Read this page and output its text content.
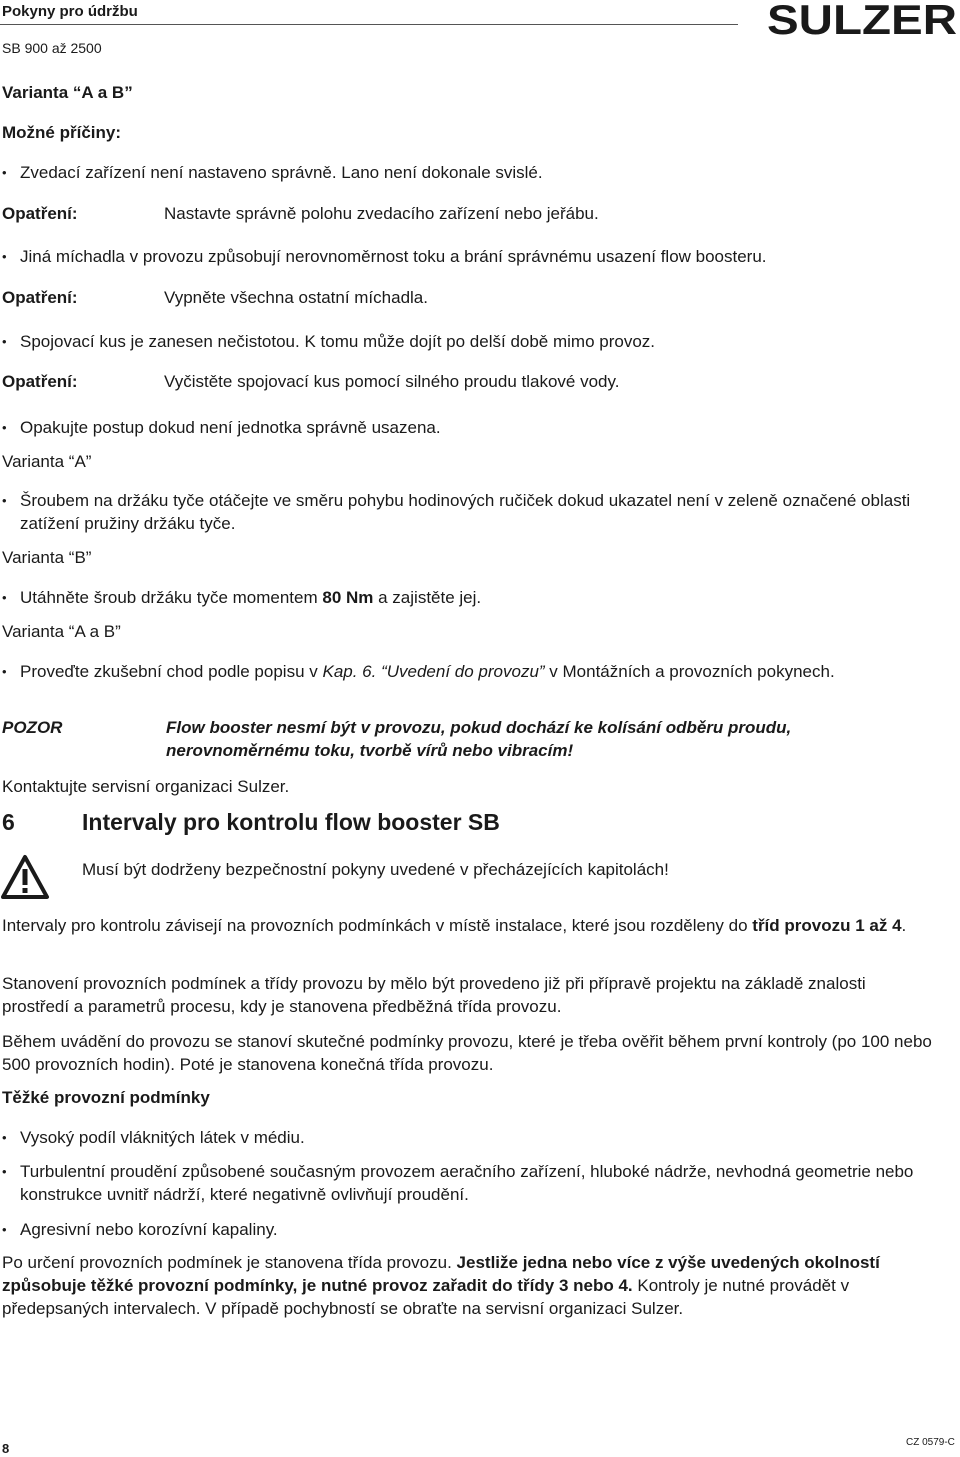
Pokyny pro údržbu
SB 900 až 2500
SULZER
Varianta “A a B”
Možné příčiny:
• Zvedací zařízení není nastaveno správně. Lano není dokonale svislé.
Opatření:	Nastavte správně polohu zvedacího zařízení nebo jeřábu.
• Jiná míchadla v provozu způsobují nerovnoměrnost toku a brání správnému usazení flow boosteru.
Opatření:	Vypněte všechna ostatní míchadla.
• Spojovací kus je zanesen nečistotou. K tomu může dojít po delší době mimo provoz.
Opatření:	Vyčistěte spojovací kus pomocí silného proudu tlakové vody.
• Opakujte postup dokud není jednotka správně usazena.
Varianta “A”
• Šroubem na držáku tyče otáčejte ve směru pohybu hodinových ručiček dokud ukazatel není v zeleně označené oblasti zatížení pružiny držáku tyče.
Varianta “B”
• Utáhněte šroub držáku tyče momentem 80 Nm a zajistěte jej.
Varianta “A a B”
• Proveďte zkušební chod podle popisu v Kap. 6. “Uvedení do provozu” v Montážních a provozních pokynech.
POZOR	Flow booster nesmí být v provozu, pokud dochází ke kolísání odběru proudu, nerovnoměrnému toku, tvorbě vírů nebo vibracím!
Kontaktujte servisní organizaci Sulzer.
6	Intervaly pro kontrolu flow booster SB
Musí být dodrženy bezpečnostní pokyny uvedené v přecházejících kapitolách!
Intervaly pro kontrolu závisejí na provozních podmínkách v místě instalace, které jsou rozděleny do tříd provozu 1 až 4.
Stanovení provozních podmínek a třídy provozu by mělo být provedeno již při přípravě projektu na základě znalosti prostředí a parametrů procesu, kdy je stanovena předběžná třída provozu.
Během uvádění do provozu se stanoví skutečné podmínky provozu, které je třeba ověřit během první kontroly (po 100 nebo 500 provozních hodin). Poté je stanovena konečná třída provozu.
Těžké provozní podmínky
• Vysoký podíl vláknitých látek v médiu.
• Turbulentní proudění způsobené současným provozem aeračního zařízení, hluboké nádrže, nevhodná geometrie nebo konstrukce uvnitř nádrží, které negativně ovlivňují proudění.
• Agresivní nebo korozívní kapaliny.
Po určení provozních podmínek je stanovena třída provozu. Jestliže jedna nebo více z výše uvedených okolností způsobuje těžké provozní podmínky, je nutné provoz zařadit do třídy 3 nebo 4. Kontroly je nutné provádět v předepsaných intervalech. V případě pochybností se obraťte na servisní organizaci Sulzer.
8	CZ 0579-C
